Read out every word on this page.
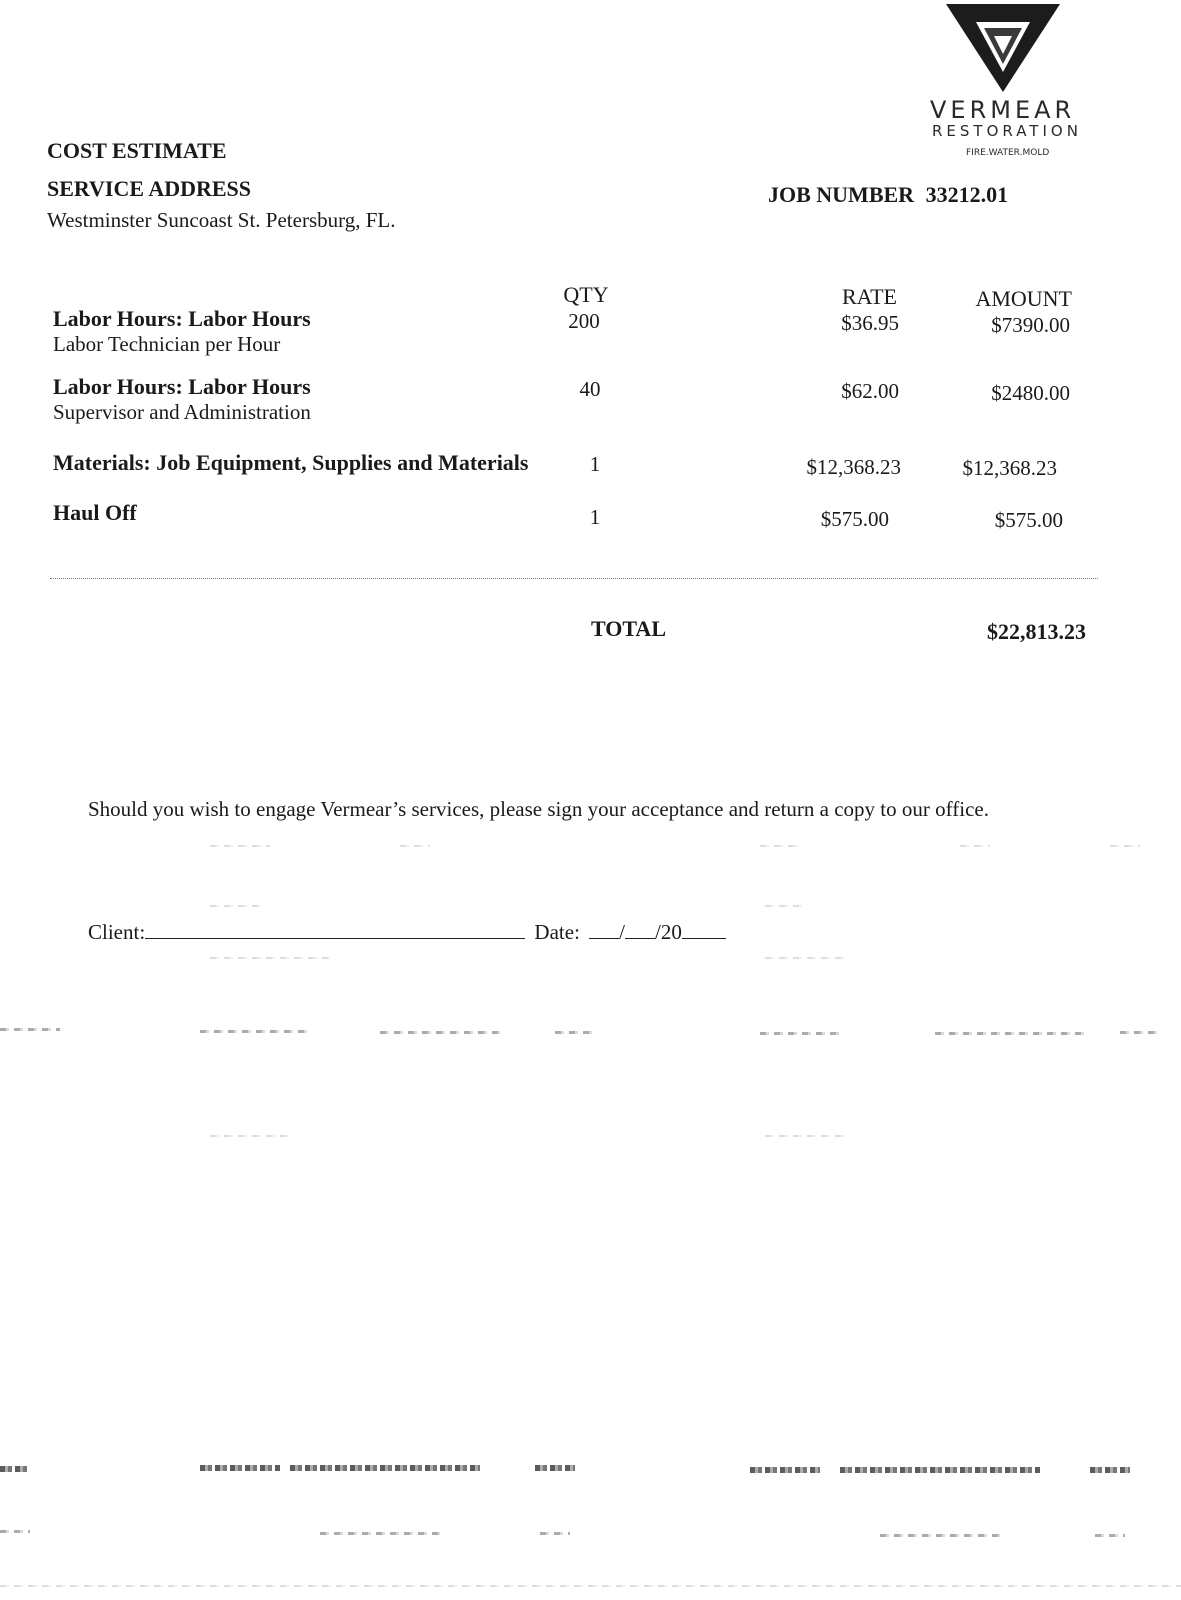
VERMEAR
RESTORATION
FIRE.WATER.MOLD
COST ESTIMATE
SERVICE ADDRESS
Westminster Suncoast St. Petersburg, FL.
JOB NUMBER 33212.01
QTY	RATE	AMOUNT
Labor Hours: Labor Hours
Labor Technician per Hour
200	$36.95	$7390.00
Labor Hours: Labor Hours
Supervisor and Administration
40	$62.00	$2480.00
Materials: Job Equipment, Supplies and Materials	1	$12,368.23	$12,368.23
Haul Off	1	$575.00	$575.00
TOTAL	$22,813.23
Should you wish to engage Vermear’s services, please sign your acceptance and return a copy to our office.
Client:	Date: / /20
